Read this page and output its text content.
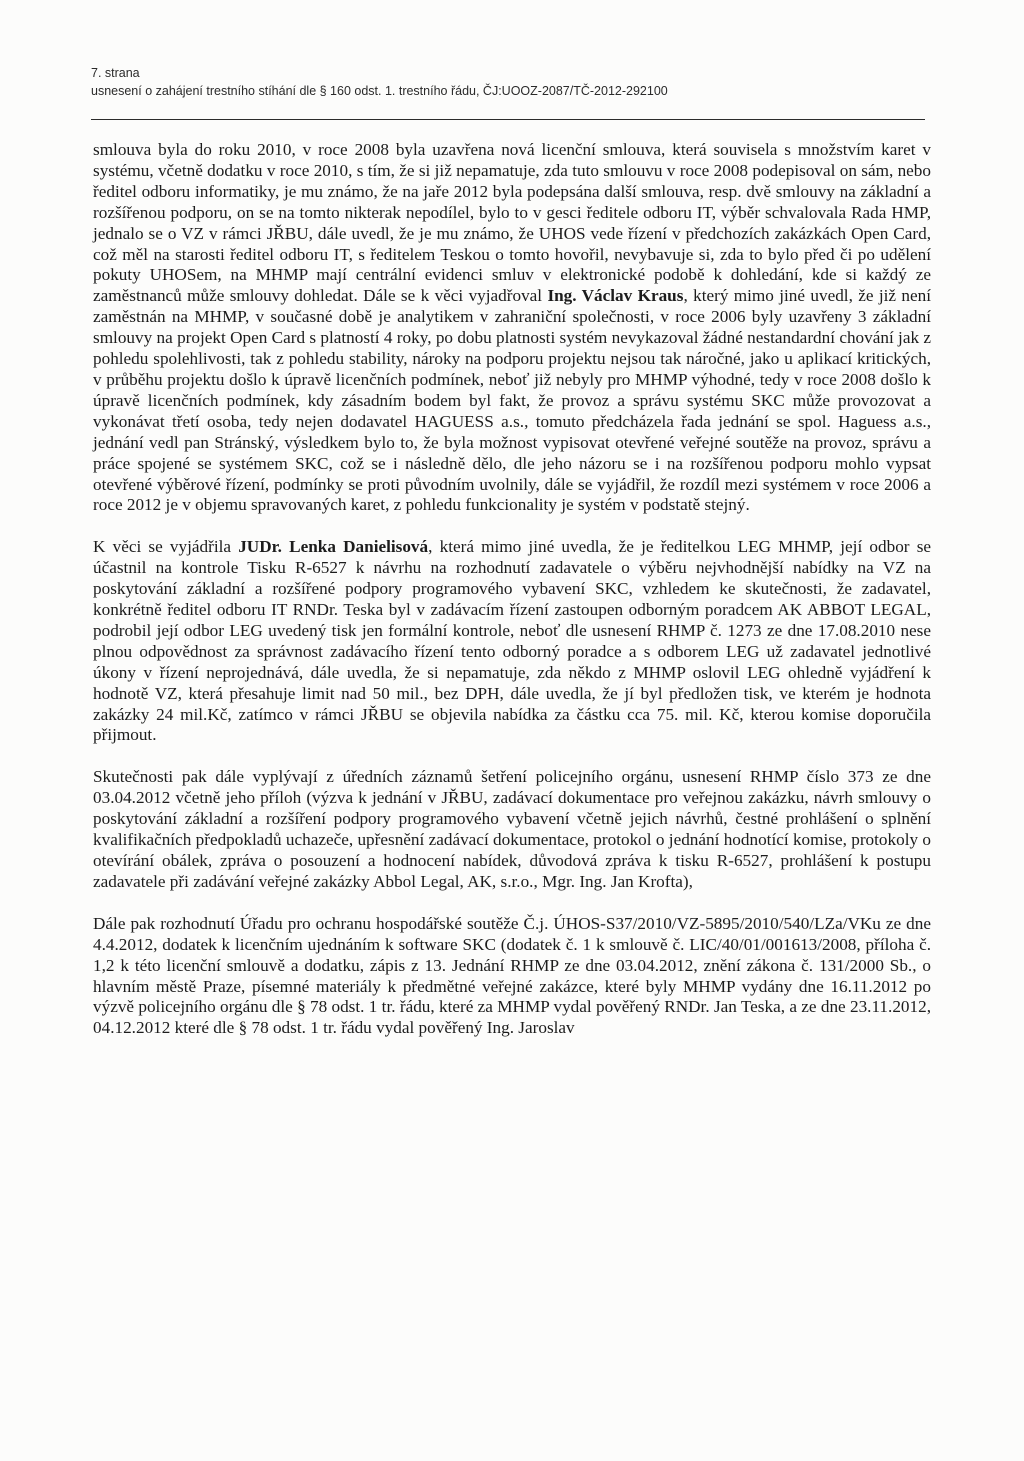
7. strana
usnesení o zahájení trestního stíhání dle § 160 odst. 1. trestního řádu, ČJ:UOOZ-2087/TČ-2012-292100

smlouva byla do roku 2010, v roce 2008 byla uzavřena nová licenční smlouva, která souvisela s množstvím karet v systému, včetně dodatku v roce 2010, s tím, že si již nepamatuje, zda tuto smlouvu v roce 2008 podepisoval on sám, nebo ředitel odboru informatiky, je mu známo, že na jaře 2012 byla podepsána další smlouva, resp. dvě smlouvy na základní a rozšířenou podporu, on se na tomto nikterak nepodílel, bylo to v gesci ředitele odboru IT, výběr schvalovala Rada HMP, jednalo se o VZ v rámci JŘBU, dále uvedl, že je mu známo, že UHOS vede řízení v předchozích zakázkách Open Card, což měl na starosti ředitel odboru IT, s ředitelem Teskou o tomto hovořil, nevybavuje si, zda to bylo před či po udělení pokuty UHOSem, na MHMP mají centrální evidenci smluv v elektronické podobě k dohledání, kde si každý ze zaměstnanců může smlouvy dohledat. Dále se k věci vyjadřoval Ing. Václav Kraus, který mimo jiné uvedl, že již není zaměstnán na MHMP, v současné době je analytikem v zahraniční společnosti, v roce 2006 byly uzavřeny 3 základní smlouvy na projekt Open Card s platností 4 roky, po dobu platnosti systém nevykazoval žádné nestandardní chování jak z pohledu spolehlivosti, tak z pohledu stability, nároky na podporu projektu nejsou tak náročné, jako u aplikací kritických, v průběhu projektu došlo k úpravě licenčních podmínek, neboť již nebyly pro MHMP výhodné, tedy v roce 2008 došlo k úpravě licenčních podmínek, kdy zásadním bodem byl fakt, že provoz a správu systému SKC může provozovat a vykonávat třetí osoba, tedy nejen dodavatel HAGUESS a.s., tomuto předcházela řada jednání se spol. Haguess a.s., jednání vedl pan Stránský, výsledkem bylo to, že byla možnost vypisovat otevřené veřejné soutěže na provoz, správu a práce spojené se systémem SKC, což se i následně dělo, dle jeho názoru se i na rozšířenou podporu mohlo vypsat otevřené výběrové řízení, podmínky se proti původním uvolnily, dále se vyjádřil, že rozdíl mezi systémem v roce 2006 a roce 2012 je v objemu spravovaných karet, z pohledu funkcionality je systém v podstatě stejný.

K věci se vyjádřila JUDr. Lenka Danielisová, která mimo jiné uvedla, že je ředitelkou LEG MHMP, její odbor se účastnil na kontrole Tisku R-6527 k návrhu na rozhodnutí zadavatele o výběru nejvhodnější nabídky na VZ na poskytování základní a rozšířené podpory programového vybavení SKC, vzhledem ke skutečnosti, že zadavatel, konkrétně ředitel odboru IT RNDr. Teska byl v zadávacím řízení zastoupen odborným poradcem AK ABBOT LEGAL, podrobil její odbor LEG uvedený tisk jen formální kontrole, neboť dle usnesení RHMP č. 1273 ze dne 17.08.2010 nese plnou odpovědnost za správnost zadávacího řízení tento odborný poradce a s odborem LEG už zadavatel jednotlivé úkony v řízení neprojednává, dále uvedla, že si nepamatuje, zda někdo z MHMP oslovil LEG ohledně vyjádření k hodnotě VZ, která přesahuje limit nad 50 mil., bez DPH, dále uvedla, že jí byl předložen tisk, ve kterém je hodnota zakázky 24 mil.Kč, zatímco v rámci JŘBU se objevila nabídka za částku cca 75. mil. Kč, kterou komise doporučila přijmout.

Skutečnosti pak dále vyplývají z úředních záznamů šetření policejního orgánu, usnesení RHMP číslo 373 ze dne 03.04.2012 včetně jeho příloh (výzva k jednání v JŘBU, zadávací dokumentace pro veřejnou zakázku, návrh smlouvy o poskytování základní a rozšíření podpory programového vybavení včetně jejich návrhů, čestné prohlášení o splnění kvalifikačních předpokladů uchazeče, upřesnění zadávací dokumentace, protokol o jednání hodnotící komise, protokoly o otevírání obálek, zpráva o posouzení a hodnocení nabídek, důvodová zpráva k tisku R-6527, prohlášení k postupu zadavatele při zadávání veřejné zakázky Abbol Legal, AK, s.r.o., Mgr. Ing. Jan Krofta),

Dále pak rozhodnutí Úřadu pro ochranu hospodářské soutěže Č.j. ÚHOS-S37/2010/VZ-5895/2010/540/LZa/VKu ze dne 4.4.2012, dodatek k licenčním ujednáním k software SKC (dodatek č. 1 k smlouvě č. LIC/40/01/001613/2008, příloha č. 1,2 k této licenční smlouvě a dodatku, zápis z 13. Jednání RHMP ze dne 03.04.2012, znění zákona č. 131/2000 Sb., o hlavním městě Praze, písemné materiály k předmětné veřejné zakázce, které byly MHMP vydány dne 16.11.2012 po výzvě policejního orgánu dle § 78 odst. 1 tr. řádu, které za MHMP vydal pověřený RNDr. Jan Teska, a ze dne 23.11.2012, 04.12.2012 které dle § 78 odst. 1 tr. řádu vydal pověřený Ing. Jaroslav
